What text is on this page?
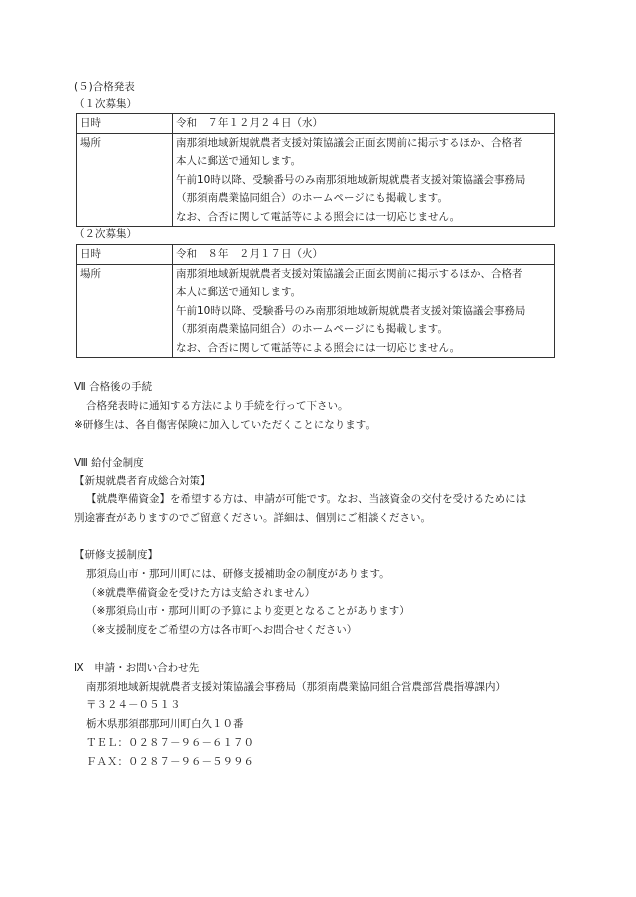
(５)合格発表
（１次募集）
日時	令和　７年１２月２４日（水）
場所	南那須地域新規就農者支援対策協議会正面玄関前に掲示するほか、合格者
本人に郵送で通知します。
午前10時以降、受験番号のみ南那須地域新規就農者支援対策協議会事務局
（那須南農業協同組合）のホームページにも掲載します。
なお、合否に関して電話等による照会には一切応じません。
（２次募集）
日時	令和　８年　２月１７日（火）
場所	南那須地域新規就農者支援対策協議会正面玄関前に掲示するほか、合格者
本人に郵送で通知します。
午前10時以降、受験番号のみ南那須地域新規就農者支援対策協議会事務局
（那須南農業協同組合）のホームページにも掲載します。
なお、合否に関して電話等による照会には一切応じません。
Ⅶ 合格後の手続
合格発表時に通知する方法により手続を行って下さい。
※研修生は、各自傷害保険に加入していただくことになります。
Ⅷ 給付金制度
【新規就農者育成総合対策】
【就農準備資金】を希望する方は、申請が可能です。なお、当該資金の交付を受けるためには
別途審査がありますのでご留意ください。詳細は、個別にご相談ください。
【研修支援制度】
那須烏山市・那珂川町には、研修支援補助金の制度があります。
（※就農準備資金を受けた方は支給されません）
（※那須烏山市・那珂川町の予算により変更となることがあります）
（※支援制度をご希望の方は各市町へお問合せください）
Ⅸ　申請・お問い合わせ先
南那須地域新規就農者支援対策協議会事務局（那須南農業協同組合営農部営農指導課内）
〒３２４－０５１３
栃木県那須郡那珂川町白久１０番
ＴＥＬ：０２８７－９６－６１７０
ＦＡＸ：０２８７－９６－５９９６
